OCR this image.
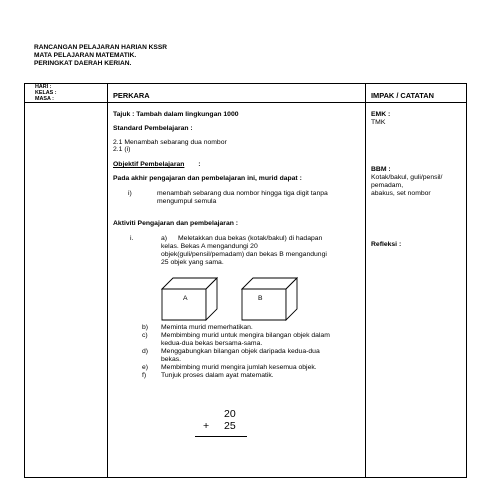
RANCANGAN PELAJARAN HARIAN KSSR
MATA PELAJARAN MATEMATIK.
PERINGKAT DAERAH KERIAN.
HARI :
KELAS :
MASA :	PERKARA	IMPAK / CATATAN
Tajuk : Tambah dalam lingkungan 1000
Standard Pembelajaran :
2.1 Menambah sebarang dua nombor
2.1 (i)
Objektif Pembelajaran :
Pada akhir pengajaran dan pembelajaran ini, murid dapat :
i)	menambah sebarang dua nombor hingga tiga digit tanpa
mengumpul semula
Aktiviti Pengajaran dan pembelajaran :
i.	a) Meletakkan dua bekas (kotak/bakul) di hadapan
kelas. Bekas A mengandungi 20
objek(guli/pensil/pemadam) dan bekas B mengandungi
25 objek yang sama.
A	B
b) Meminta murid memerhatikan.
c) Membimbing murid untuk mengira bilangan objek dalam
kedua-dua bekas bersama-sama.
d) Menggabungkan bilangan objek daripada kedua-dua
bekas.
e) Membimbing murid mengira jumlah kesemua objek.
f) Tunjuk proses dalam ayat matematik.
20
+ 25
EMK :
TMK
BBM :
Kotak/bakul, guli/pensil/
pemadam,
abakus, set nombor
Refleksi :
